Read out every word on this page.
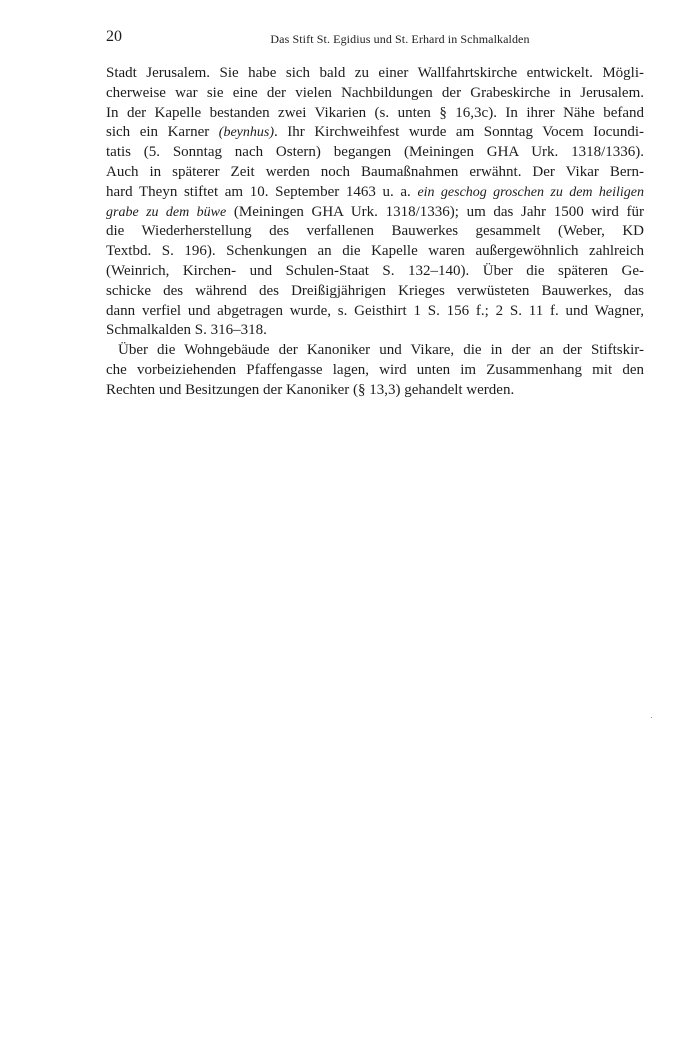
20	Das Stift St. Egidius und St. Erhard in Schmalkalden
Stadt Jerusalem. Sie habe sich bald zu einer Wallfahrtskirche entwickelt. Mögli-
cherweise war sie eine der vielen Nachbildungen der Grabeskirche in Jerusalem.
In der Kapelle bestanden zwei Vikarien (s. unten § 16,3c). In ihrer Nähe befand
sich ein Karner (beynhus). Ihr Kirchweihfest wurde am Sonntag Vocem Iocundi-
tatis (5. Sonntag nach Ostern) begangen (Meiningen GHA Urk. 1318/1336).
Auch in späterer Zeit werden noch Baumaßnahmen erwähnt. Der Vikar Bern-
hard Theyn stiftet am 10. September 1463 u. a. ein geschog groschen zu dem heiligen
grabe zu dem büwe (Meiningen GHA Urk. 1318/1336); um das Jahr 1500 wird für
die Wiederherstellung des verfallenen Bauwerkes gesammelt (Weber, KD
Textbd. S. 196). Schenkungen an die Kapelle waren außergewöhnlich zahlreich
(Weinrich, Kirchen- und Schulen-Staat S. 132–140). Über die späteren Ge-
schicke des während des Dreißigjährigen Krieges verwüsteten Bauwerkes, das
dann verfiel und abgetragen wurde, s. Geisthirt 1 S. 156 f.; 2 S. 11 f. und Wagner,
Schmalkalden S. 316–318.
Über die Wohngebäude der Kanoniker und Vikare, die in der an der Stiftskir-
che vorbeiziehenden Pfaffengasse lagen, wird unten im Zusammenhang mit den
Rechten und Besitzungen der Kanoniker (§ 13,3) gehandelt werden.
